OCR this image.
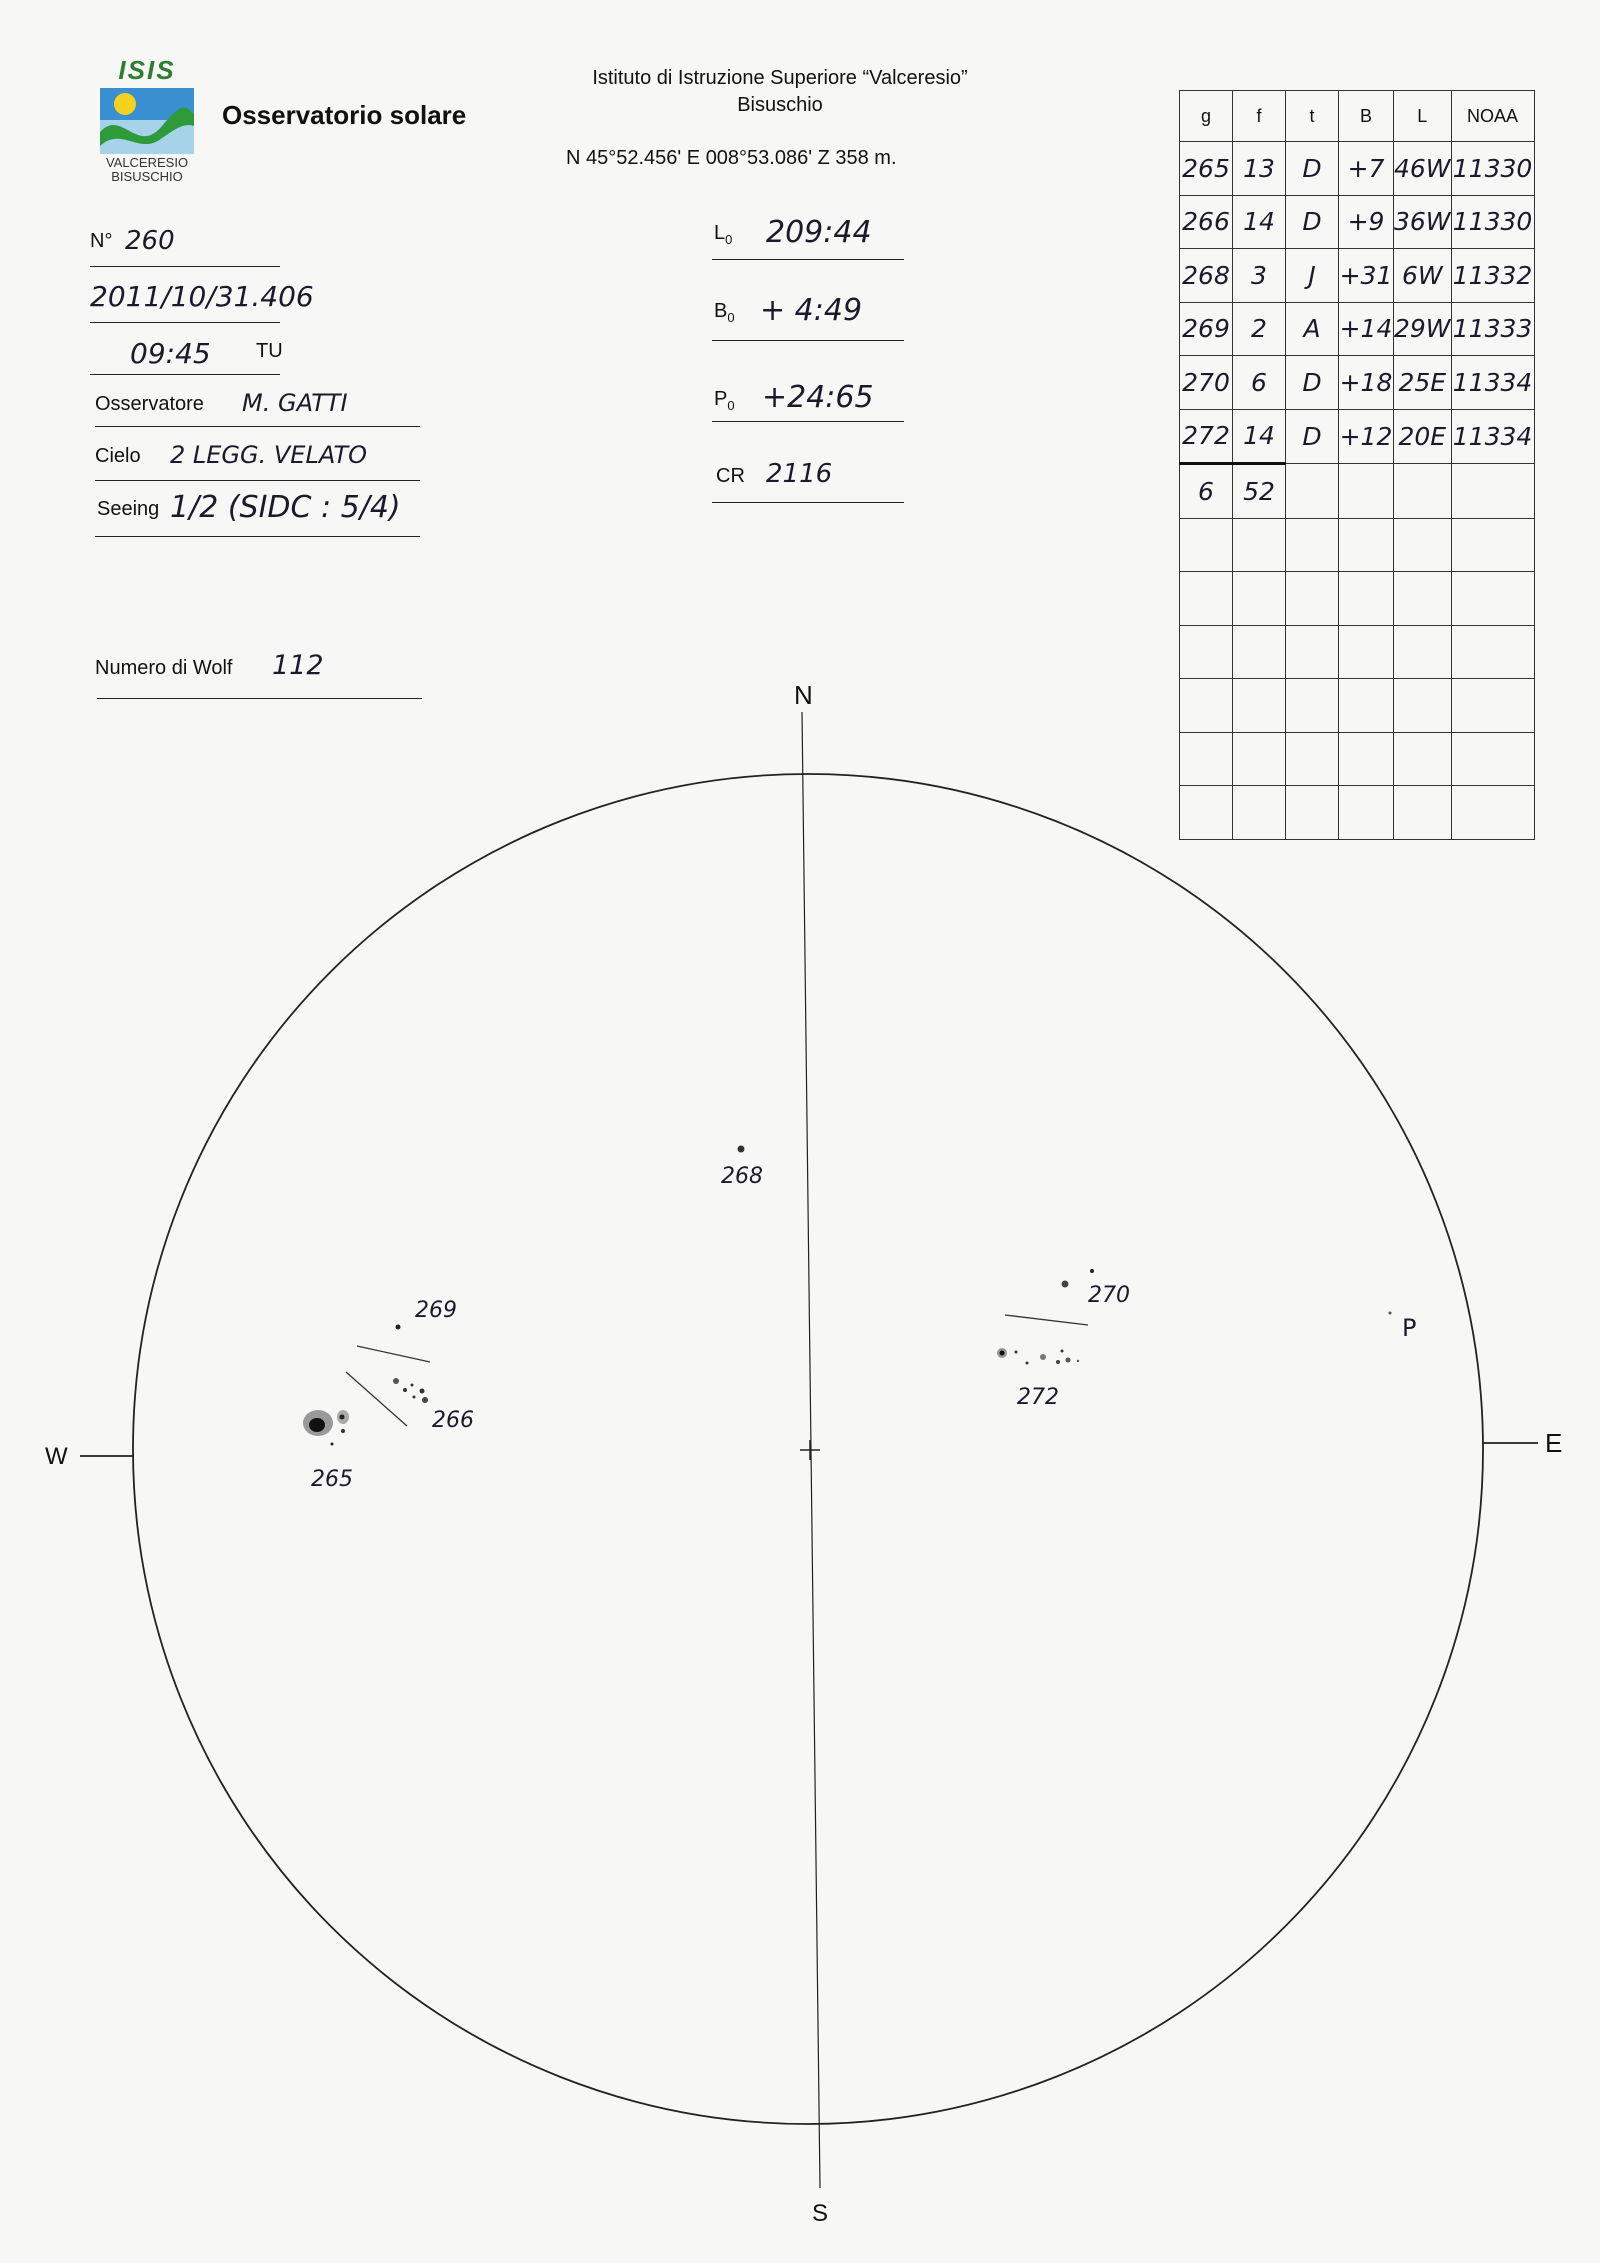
ISIS
VALCERESIO
BISUSCHIO
Osservatorio solare
Istituto di Istruzione Superiore “Valceresio”
Bisuschio
N 45°52.456' E 008°53.086' Z 358 m.
N° 260
2011/10/31.406
09:45 TU
Osservatore M. GATTI
Cielo 2 LEGG. VELATO
Seeing 1/2 (SIDC : 5/4)
Numero di Wolf 112
$L_0$ 209:44
$B_0$ + 4:49
$P_0$ +24:65
CR 2116
g	f	t	B	L	NOAA
265	13	D	+7	46W	11330
266	14	D	+9	36W	11330
268	3	J	+31	6W	11332
269	2	A	+14	29W	11333
270	6	D	+18	25E	11334
272	14	D	+12	20E	11334
6	52				

N
S
E
W
P
268
269
266
265
270
272
